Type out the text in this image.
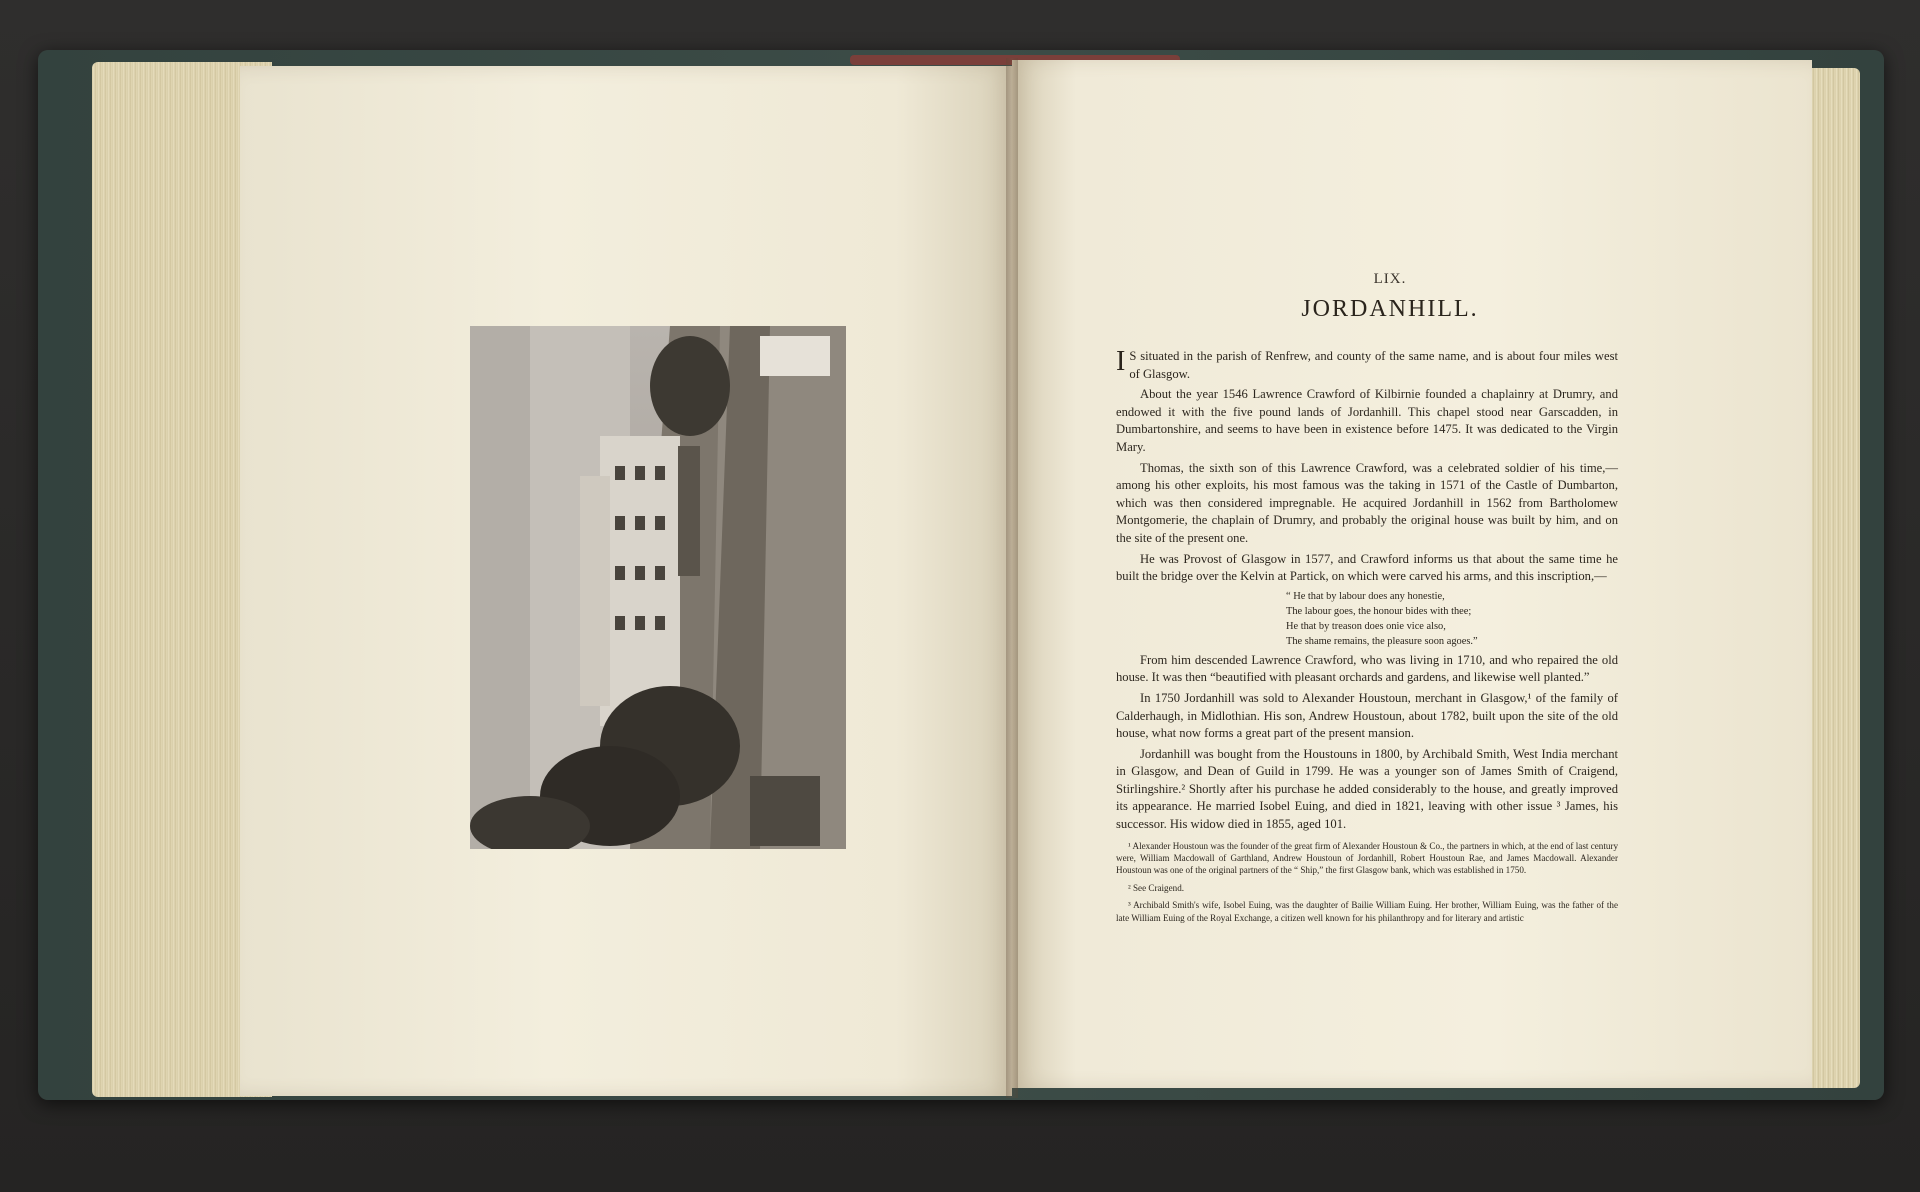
LIX.
JORDANHILL.

I S situated in the parish of Renfrew, and county of the same name, and is about four miles west of Glasgow.

About the year 1546 Lawrence Crawford of Kilbirnie founded a chaplainry at Drumry, and endowed it with the five pound lands of Jordanhill. This chapel stood near Garscadden, in Dumbartonshire, and seems to have been in existence before 1475. It was dedicated to the Virgin Mary.

Thomas, the sixth son of this Lawrence Crawford, was a celebrated soldier of his time,— among his other exploits, his most famous was the taking in 1571 of the Castle of Dumbarton, which was then considered impregnable. He acquired Jordanhill in 1562 from Bartholomew Montgomerie, the chaplain of Drumry, and probably the original house was built by him, and on the site of the present one.

He was Provost of Glasgow in 1577, and Crawford informs us that about the same time he built the bridge over the Kelvin at Partick, on which were carved his arms, and this inscription,—

“ He that by labour does any honestie,
The labour goes, the honour bides with thee;
He that by treason does onie vice also,
The shame remains, the pleasure soon agoes.”

From him descended Lawrence Crawford, who was living in 1710, and who repaired the old house. It was then “beautified with pleasant orchards and gardens, and likewise well planted.”

In 1750 Jordanhill was sold to Alexander Houstoun, merchant in Glasgow,¹ of the family of Calderhaugh, in Midlothian. His son, Andrew Houstoun, about 1782, built upon the site of the old house, what now forms a great part of the present mansion.

Jordanhill was bought from the Houstouns in 1800, by Archibald Smith, West India merchant in Glasgow, and Dean of Guild in 1799. He was a younger son of James Smith of Craigend, Stirlingshire.² Shortly after his purchase he added considerably to the house, and greatly improved its appearance. He married Isobel Euing, and died in 1821, leaving with other issue ³ James, his successor. His widow died in 1855, aged 101.

¹ Alexander Houstoun was the founder of the great firm of Alexander Houstoun & Co., the partners in which, at the end of last century were, William Macdowall of Garthland, Andrew Houstoun of Jordanhill, Robert Houstoun Rae, and James Macdowall. Alexander Houstoun was one of the original partners of the “ Ship,” the first Glasgow bank, which was established in 1750.

² See Craigend.

³ Archibald Smith's wife, Isobel Euing, was the daughter of Bailie William Euing. Her brother, William Euing, was the father of the late William Euing of the Royal Exchange, a citizen well known for his philanthropy and for literary and artistic
